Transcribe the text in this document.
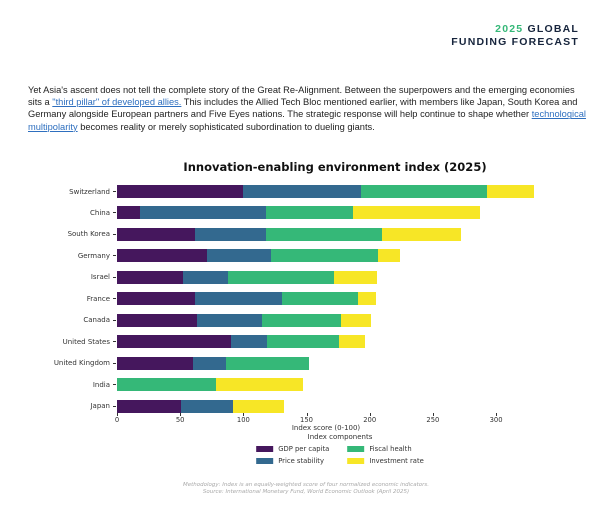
2025 GLOBAL
FUNDING FORECAST
Yet Asia's ascent does not tell the complete story of the Great Re-Alignment. Between the superpowers and the emerging economies sits a "third pillar" of developed allies. This includes the Allied Tech Bloc mentioned earlier, with members like Japan, South Korea and Germany alongside European partners and Five Eyes nations. The strategic response will help continue to shape whether technological multipolarity becomes reality or merely sophisticated subordination to dueling giants.
Innovation-enabling environment index (2025)
Switzerland
China
South Korea
Germany
Israel
France
Canada
United States
United Kingdom
India
Japan
0	50	100	150	200	250	300
Index score (0-100)
Index components
GDP per capita
Price stability
Fiscal health
Investment rate
Methodology: Index is an equally-weighted score of four normalized economic indicators.
Source: International Monetary Fund, World Economic Outlook (April 2025)
